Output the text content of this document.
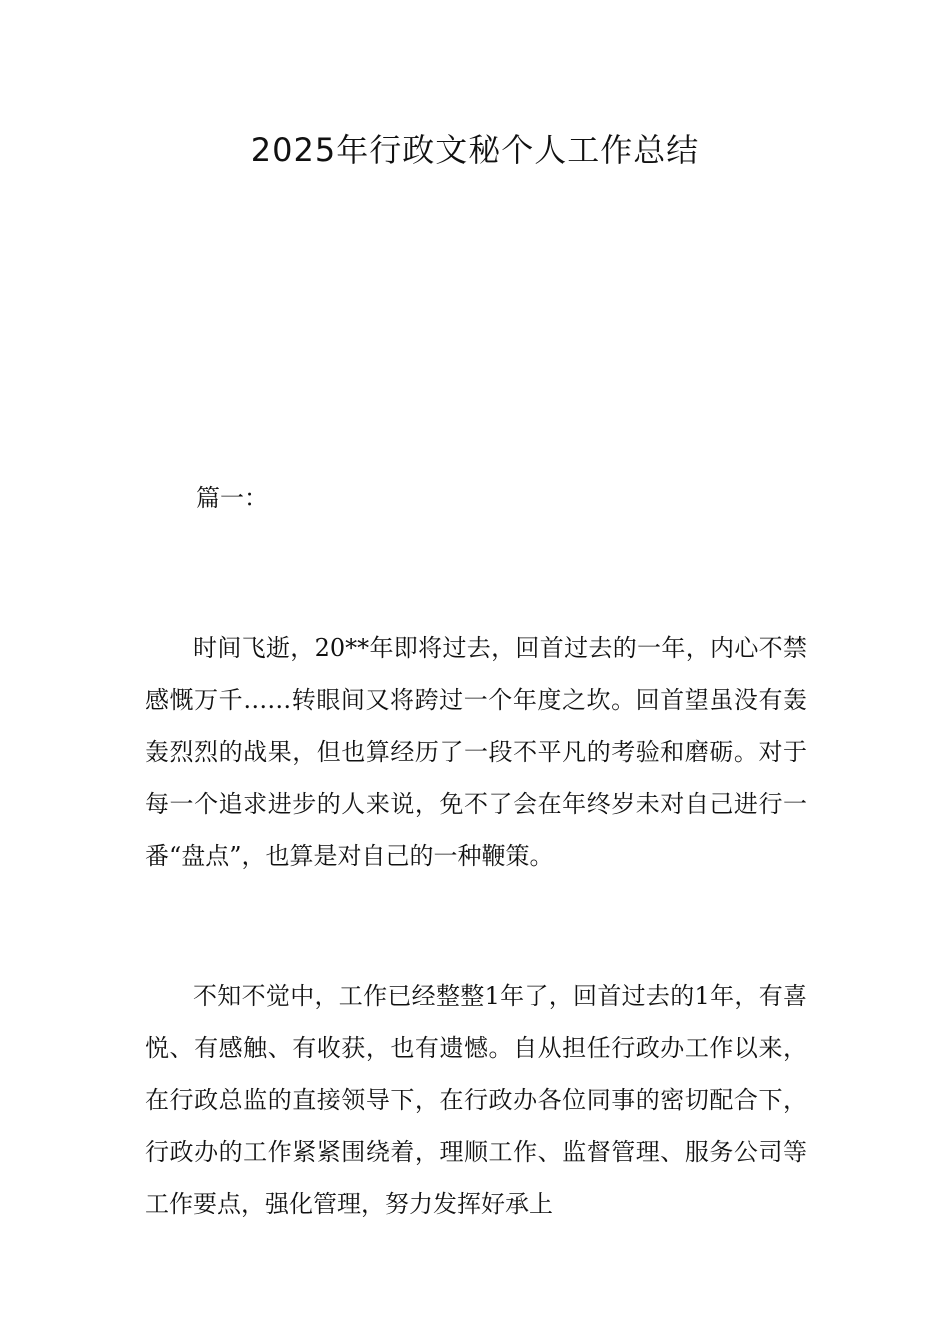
2025年行政文秘个人工作总结
篇一：

时间飞逝，20**年即将过去，回首过去的一年，内心不禁感慨万千……转眼间又将跨过一个年度之坎。回首望虽没有轰轰烈烈的战果，但也算经历了一段不平凡的考验和磨砺。对于每一个追求进步的人来说，免不了会在年终岁未对自己进行一番“盘点”，也算是对自己的一种鞭策。

不知不觉中，工作已经整整1年了，回首过去的1年，有喜悦、有感触、有收获，也有遗憾。自从担任行政办工作以来，在行政总监的直接领导下，在行政办各位同事的密切配合下，行政办的工作紧紧围绕着，理顺工作、监督管理、服务公司等工作要点，强化管理，努力发挥好承上
